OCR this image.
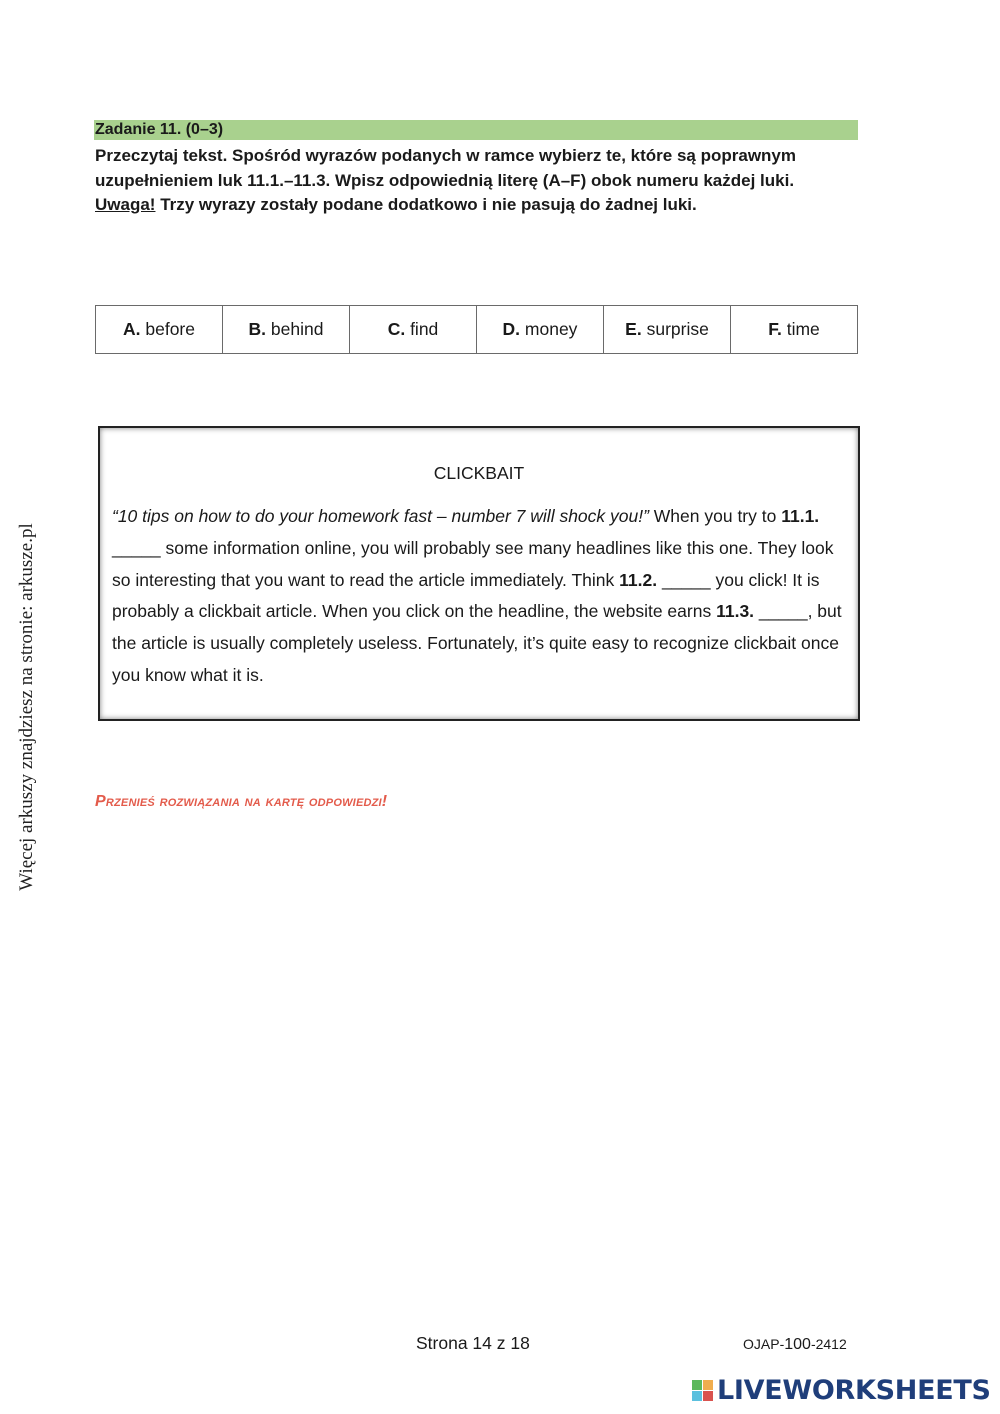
Więcej arkuszy znajdziesz na stronie: arkusze.pl
Zadanie 11. (0–3)
Przeczytaj tekst. Spośród wyrazów podanych w ramce wybierz te, które są poprawnym uzupełnieniem luk 11.1.–11.3. Wpisz odpowiednią literę (A–F) obok numeru każdej luki.
Uwaga! Trzy wyrazy zostały podane dodatkowo i nie pasują do żadnej luki.
A. before	B. behind	C. find	D. money	E. surprise	F. time
CLICKBAIT
“10 tips on how to do your homework fast – number 7 will shock you!” When you try to 11.1. _____ some information online, you will probably see many headlines like this one. They look so interesting that you want to read the article immediately. Think 11.2. _____ you click! It is probably a clickbait article. When you click on the headline, the website earns 11.3. _____, but the article is usually completely useless. Fortunately, it’s quite easy to recognize clickbait once you know what it is.
Przenieś rozwiązania na kartę odpowiedzi!
Strona 14 z 18	OJAP-100-2412
LIVEWORKSHEETS
